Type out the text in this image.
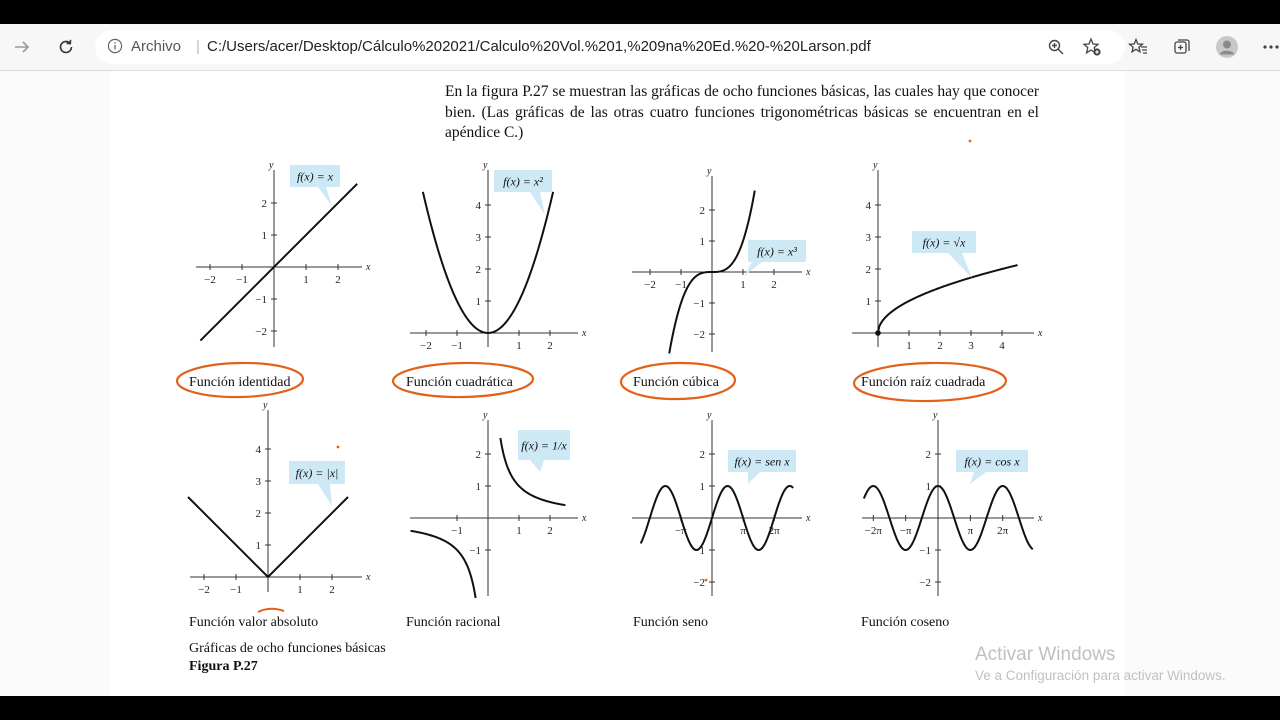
Archivo | C:/Users/acer/Desktop/Cálculo%202021/Calculo%20Vol.%201,%209na%20Ed.%20-%20Larson.pdf

En la figura P.27 se muestran las gráficas de ocho funciones básicas, las cuales hay que conocer bien. (Las gráficas de las otras cuatro funciones trigonométricas básicas se encuentran en el apéndice C.)

x
y
−2 −1	1 2
−2
−1
1
2
f(x) = x
Función identidad
x
y
−2 −1	1 2
1
2
3
4
f(x) = x²
Función cuadrática
x
y
−2 −1	1 2
−2
−1
1
2
f(x) = x³
Función cúbica
x
y
1 2 3 4
1
2
3
4
f(x) = √x
Función raíz cuadrada
x
y
−2 −1	1 2
1
2
3
4
f(x) = |x|
Función valor absoluto
x
y
−1	1 2
−1
1
2
f(x) = 1/x
Función racional
x
y
−π	π 2π
−2
−1
1
2 f(x) = sen x
Función seno
x
y
−2π −π	π 2π
−1
1
2
−2
f(x) = cos x
Función coseno
Gráficas de ocho funciones básicas
Figura P.27
Activar Windows
Ve a Configuración para activar Windows.
